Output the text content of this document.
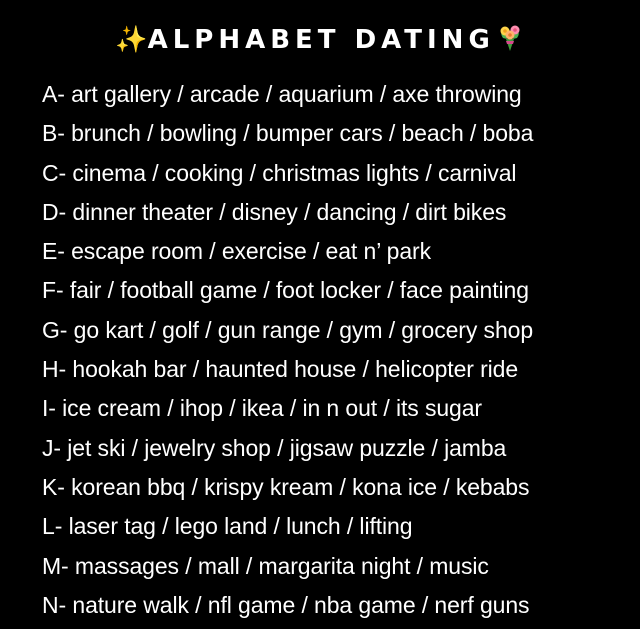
✨ALPHABET DATING
A- art gallery / arcade / aquarium / axe throwing
B- brunch / bowling / bumper cars / beach / boba
C- cinema / cooking / christmas lights / carnival
D- dinner theater / disney / dancing / dirt bikes
E- escape room / exercise / eat n’ park
F- fair / football game / foot locker / face painting
G- go kart / golf / gun range / gym / grocery shop
H- hookah bar / haunted house / helicopter ride
I- ice cream / ihop / ikea / in n out / its sugar
J- jet ski / jewelry shop / jigsaw puzzle / jamba
K- korean bbq / krispy kream / kona ice / kebabs
L- laser tag / lego land / lunch / lifting
M- massages / mall / margarita night / music
N- nature walk / nfl game / nba game / nerf guns
